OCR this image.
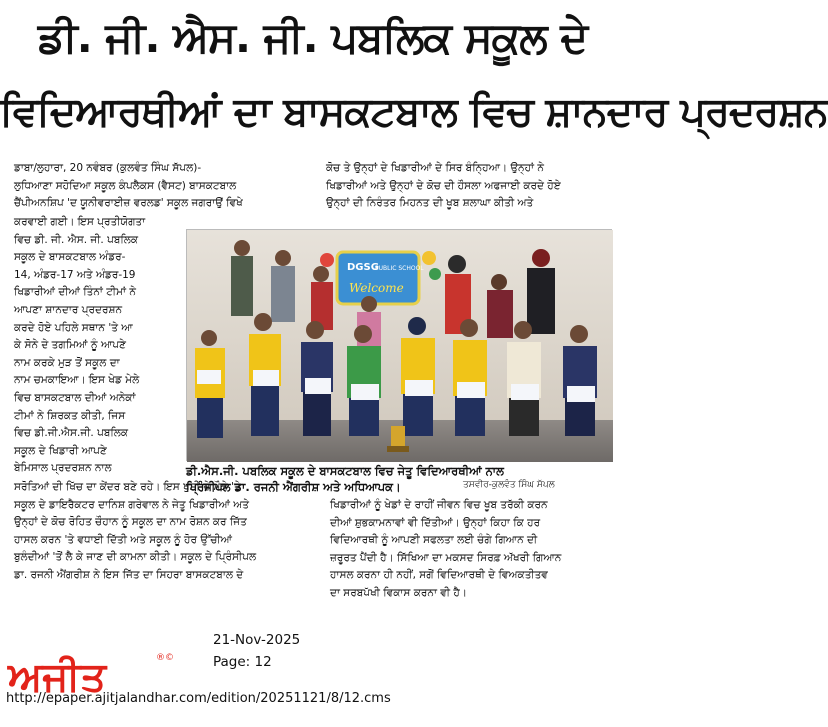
ਡੀ. ਜੀ. ਐਸ. ਜੀ. ਪਬਲਿਕ ਸਕੂਲ ਦੇ
ਵਿਦਿਆਰਥੀਆਂ ਦਾ ਬਾਸਕਟਬਾਲ ਵਿਚ ਸ਼ਾਨਦਾਰ ਪ੍ਰਦਰਸ਼ਨ

ਡਾਬਾ/ਲੁਹਾਰਾ, 20 ਨਵੰਬਰ (ਕੁਲਵੰਤ ਸਿੰਘ ਸੱਪਲ)-

ਲੁਧਿਆਣਾ ਸਹੋਦਿਆ ਸਕੂਲ ਕੰਪਲੈਕਸ (ਵੈਸਟ) ਬਾਸਕਟਬਾਲ

ਚੈਂਪੀਅਨਸ਼ਿਪ 'ਦ ਯੂਨੀਵਰਾਈਜ਼ ਵਰਲਡ' ਸਕੂਲ ਜਗਰਾਉਂ ਵਿਖੇ

ਕੋਚ ਤੇ ਉਨ੍ਹਾਂ ਦੇ ਖਿਡਾਰੀਆਂ ਦੇ ਸਿਰ ਬੰਨ੍ਹਿਆ। ਉਨ੍ਹਾਂ ਨੇ

ਖਿਡਾਰੀਆਂ ਅਤੇ ਉਨ੍ਹਾਂ ਦੇ ਕੋਚ ਦੀ ਹੌਸਲਾ ਅਫਜਾਈ ਕਰਦੇ ਹੋਏ

ਉਨ੍ਹਾਂ ਦੀ ਨਿਰੰਤਰ ਮਿਹਨਤ ਦੀ ਖੂਬ ਸ਼ਲਾਘਾ ਕੀਤੀ ਅਤੇ

ਕਰਵਾਈ ਗਈ। ਇਸ ਪ੍ਰਤੀਯੋਗਤਾ

ਵਿਚ ਡੀ. ਜੀ. ਐਸ. ਜੀ. ਪਬਲਿਕ

ਸਕੂਲ ਦੇ ਬਾਸਕਟਬਾਲ ਅੰਡਰ-

14, ਅੰਡਰ-17 ਅਤੇ ਅੰਡਰ-19

ਖਿਡਾਰੀਆਂ ਦੀਆਂ ਤਿੰਨਾਂ ਟੀਮਾਂ ਨੇ

ਆਪਣਾ ਸ਼ਾਨਦਾਰ ਪ੍ਰਦਰਸ਼ਨ

ਕਰਦੇ ਹੋਏ ਪਹਿਲੇ ਸਥਾਨ 'ਤੇ ਆ

ਕੇ ਸੋਨੇ ਦੇ ਤਗਮਿਆਂ ਨੂੰ ਆਪਣੇ

ਨਾਮ ਕਰਕੇ ਮੁੜ ਤੋਂ ਸਕੂਲ ਦਾ

ਨਾਮ ਚਮਕਾਇਆ। ਇਸ ਖੇਡ ਮੇਲੇ

ਵਿਚ ਬਾਸਕਟਬਾਲ ਦੀਆਂ ਅਨੇਕਾਂ

ਟੀਮਾਂ ਨੇ ਸ਼ਿਰਕਤ ਕੀਤੀ, ਜਿਸ

ਵਿਚ ਡੀ.ਜੀ.ਐਸ.ਜੀ. ਪਬਲਿਕ

ਸਕੂਲ ਦੇ ਖਿਡਾਰੀ ਆਪਣੇ

ਬੇਮਿਸਾਲ ਪ੍ਰਦਰਸ਼ਨ ਨਾਲ

ਸਰੋਤਿਆਂ ਦੀ ਖਿੱਚ ਦਾ ਕੇਂਦਰ ਬਣੇ ਰਹੇ। ਇਸ ਖੁਸ਼ੀ ਦੇ ਮੌਕੇ 'ਤੇ

ਸਕੂਲ ਦੇ ਡਾਇਰੈਕਟਰ ਦਾਨਿਸ਼ ਗਰੇਵਾਲ ਨੇ ਜੇਤੂ ਖਿਡਾਰੀਆਂ ਅਤੇ

ਉਨ੍ਹਾਂ ਦੇ ਕੋਚ ਰੋਹਿਤ ਚੌਹਾਨ ਨੂੰ ਸਕੂਲ ਦਾ ਨਾਮ ਰੋਸ਼ਨ ਕਰ ਜਿੱਤ

ਹਾਸਲ ਕਰਨ 'ਤੇ ਵਧਾਈ ਦਿੱਤੀ ਅਤੇ ਸਕੂਲ ਨੂੰ ਹੋਰ ਉੱਚੀਆਂ

ਬੁਲੰਦੀਆਂ 'ਤੋਂ ਲੈ ਕੇ ਜਾਣ ਦੀ ਕਾਮਨਾ ਕੀਤੀ। ਸਕੂਲ ਦੇ ਪ੍ਰਿੰਸੀਪਲ

ਡਾ. ਰਜਨੀ ਐਂਗਰੀਸ਼ ਨੇ ਇਸ ਜਿੱਤ ਦਾ ਸਿਹਰਾ ਬਾਸਕਟਬਾਲ ਦੇ

DGSG
PUBLIC SCHOOL
Welcome
ਡੀ.ਐਸ.ਜੀ. ਪਬਲਿਕ ਸਕੂਲ ਦੇ ਬਾਸਕਟਬਾਲ ਵਿਚ ਜੇਤੂ ਵਿਦਿਆਰਥੀਆਂ ਨਾਲ
ਪ੍ਰਿੰਸੀਪਲ ਡਾ. ਰਜਨੀ ਐਂਗਰੀਸ਼ ਅਤੇ ਅਧਿਆਪਕ।	ਤਸਵੀਰ-ਕੁਲਵੰਤ ਸਿੰਘ ਸੱਪਲ

ਖਿਡਾਰੀਆਂ ਨੂੰ ਖੇਡਾਂ ਦੇ ਰਾਹੀਂ ਜੀਵਨ ਵਿਚ ਖੂਬ ਤਰੱਕੀ ਕਰਨ

ਦੀਆਂ ਸ਼ੁਭਕਾਮਨਾਵਾਂ ਵੀ ਦਿੱਤੀਆਂ। ਉਨ੍ਹਾਂ ਕਿਹਾ ਕਿ ਹਰ

ਵਿਦਿਆਰਥੀ ਨੂੰ ਆਪਣੀ ਸਫਲਤਾ ਲਈ ਚੰਗੇ ਗਿਆਨ ਦੀ

ਜ਼ਰੂਰਤ ਪੈਂਦੀ ਹੈ। ਸਿੱਖਿਆ ਦਾ ਮਕਸਦ ਸਿਰਫ਼ ਅੱਖਰੀ ਗਿਆਨ

ਹਾਸਲ ਕਰਨਾ ਹੀ ਨਹੀਂ, ਸਗੋਂ ਵਿਦਿਆਰਥੀ ਦੇ ਵਿਅਕਤੀਤਵ

ਦਾ ਸਰਬਪੱਖੀ ਵਿਕਾਸ ਕਰਨਾ ਵੀ ਹੈ।

ਅਜੀਤ	®©
21-Nov-2025
Page: 12
http://epaper.ajitjalandhar.com/edition/20251121/8/12.cms
